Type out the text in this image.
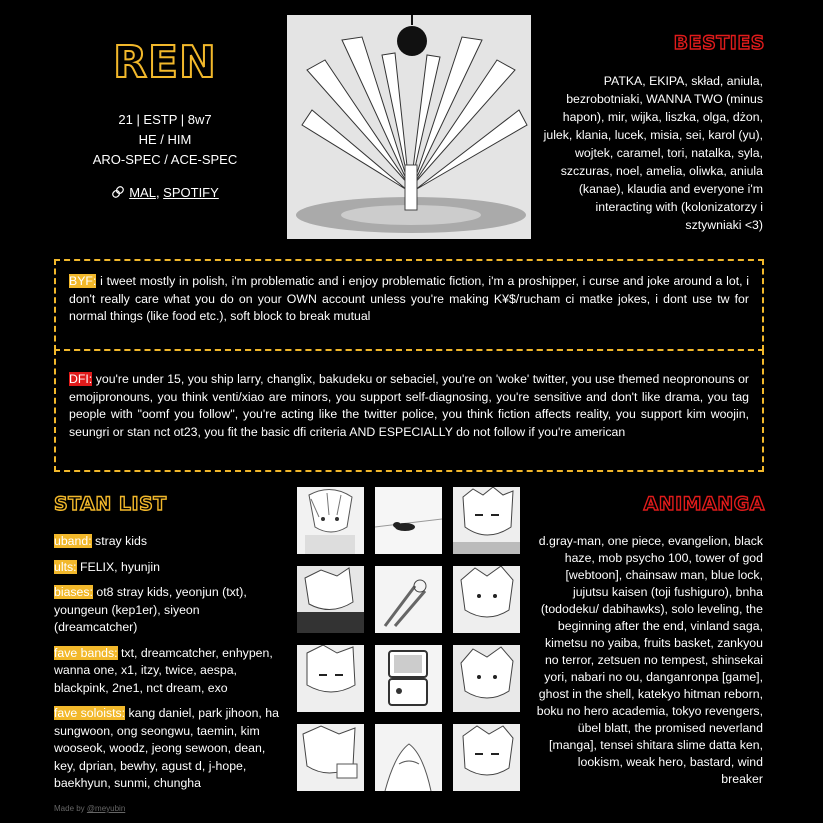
REN
21 | ESTP | 8w7
HE / HIM
ARO-SPEC / ACE-SPEC
MAL, SPOTIFY
BESTIES
PATKA, EKIPA, skład, aniula, bezrobotniaki, WANNA TWO (minus hapon), mir, wijka, liszka, olga, dżon, julek, klania, lucek, misia, sei, karol (yu), wojtek, caramel, tori, natalka, syla, szczuras, noel, amelia, oliwka, aniula (kanae), klaudia and everyone i'm interacting with (kolonizatorzy i sztywniaki <3)
BYF: i tweet mostly in polish, i'm problematic and i enjoy problematic fiction, i'm a proshipper, i curse and joke around a lot, i don't really care what you do on your OWN account unless you're making K¥$/rucham ci matke jokes, i dont use tw for normal things (like food etc.), soft block to break mutual
DFI: you're under 15, you ship larry, changlix, bakudeku or sebaciel, you're on 'woke' twitter, you use themed neopronouns or emojipronouns, you think venti/xiao are minors, you support self-diagnosing, you're sensitive and don't like drama, you tag people with "oomf you follow", you're acting like the twitter police, you think fiction affects reality, you support kim woojin, seungri or stan nct ot23, you fit the basic dfi criteria AND ESPECIALLY do not follow if you're american
STAN LIST

uband: stray kids

ults: FELIX, hyunjin

biases: ot8 stray kids, yeonjun (txt), youngeun (kep1er), siyeon (dreamcatcher)

fave bands: txt, dreamcatcher, enhypen, wanna one, x1, itzy, twice, aespa, blackpink, 2ne1, nct dream, exo

fave soloists: kang daniel, park jihoon, ha sungwoon, ong seongwu, taemin, kim wooseok, woodz, jeong sewoon, dean, key, dprian, bewhy, agust d, j-hope, baekhyun, sunmi, chungha

ANIMANGA
d.gray-man, one piece, evangelion, black haze, mob psycho 100, tower of god [webtoon], chainsaw man, blue lock, jujutsu kaisen (toji fushiguro), bnha (tododeku/ dabihawks), solo leveling, the beginning after the end, vinland saga, kimetsu no yaiba, fruits basket, zankyou no terror, zetsuen no tempest, shinsekai yori, nabari no ou, danganronpa [game], ghost in the shell, katekyo hitman reborn, boku no hero academia, tokyo revengers, übel blatt, the promised neverland [manga], tensei shitara slime datta ken, lookism, weak hero, bastard, wind breaker
Made by @meyubin
